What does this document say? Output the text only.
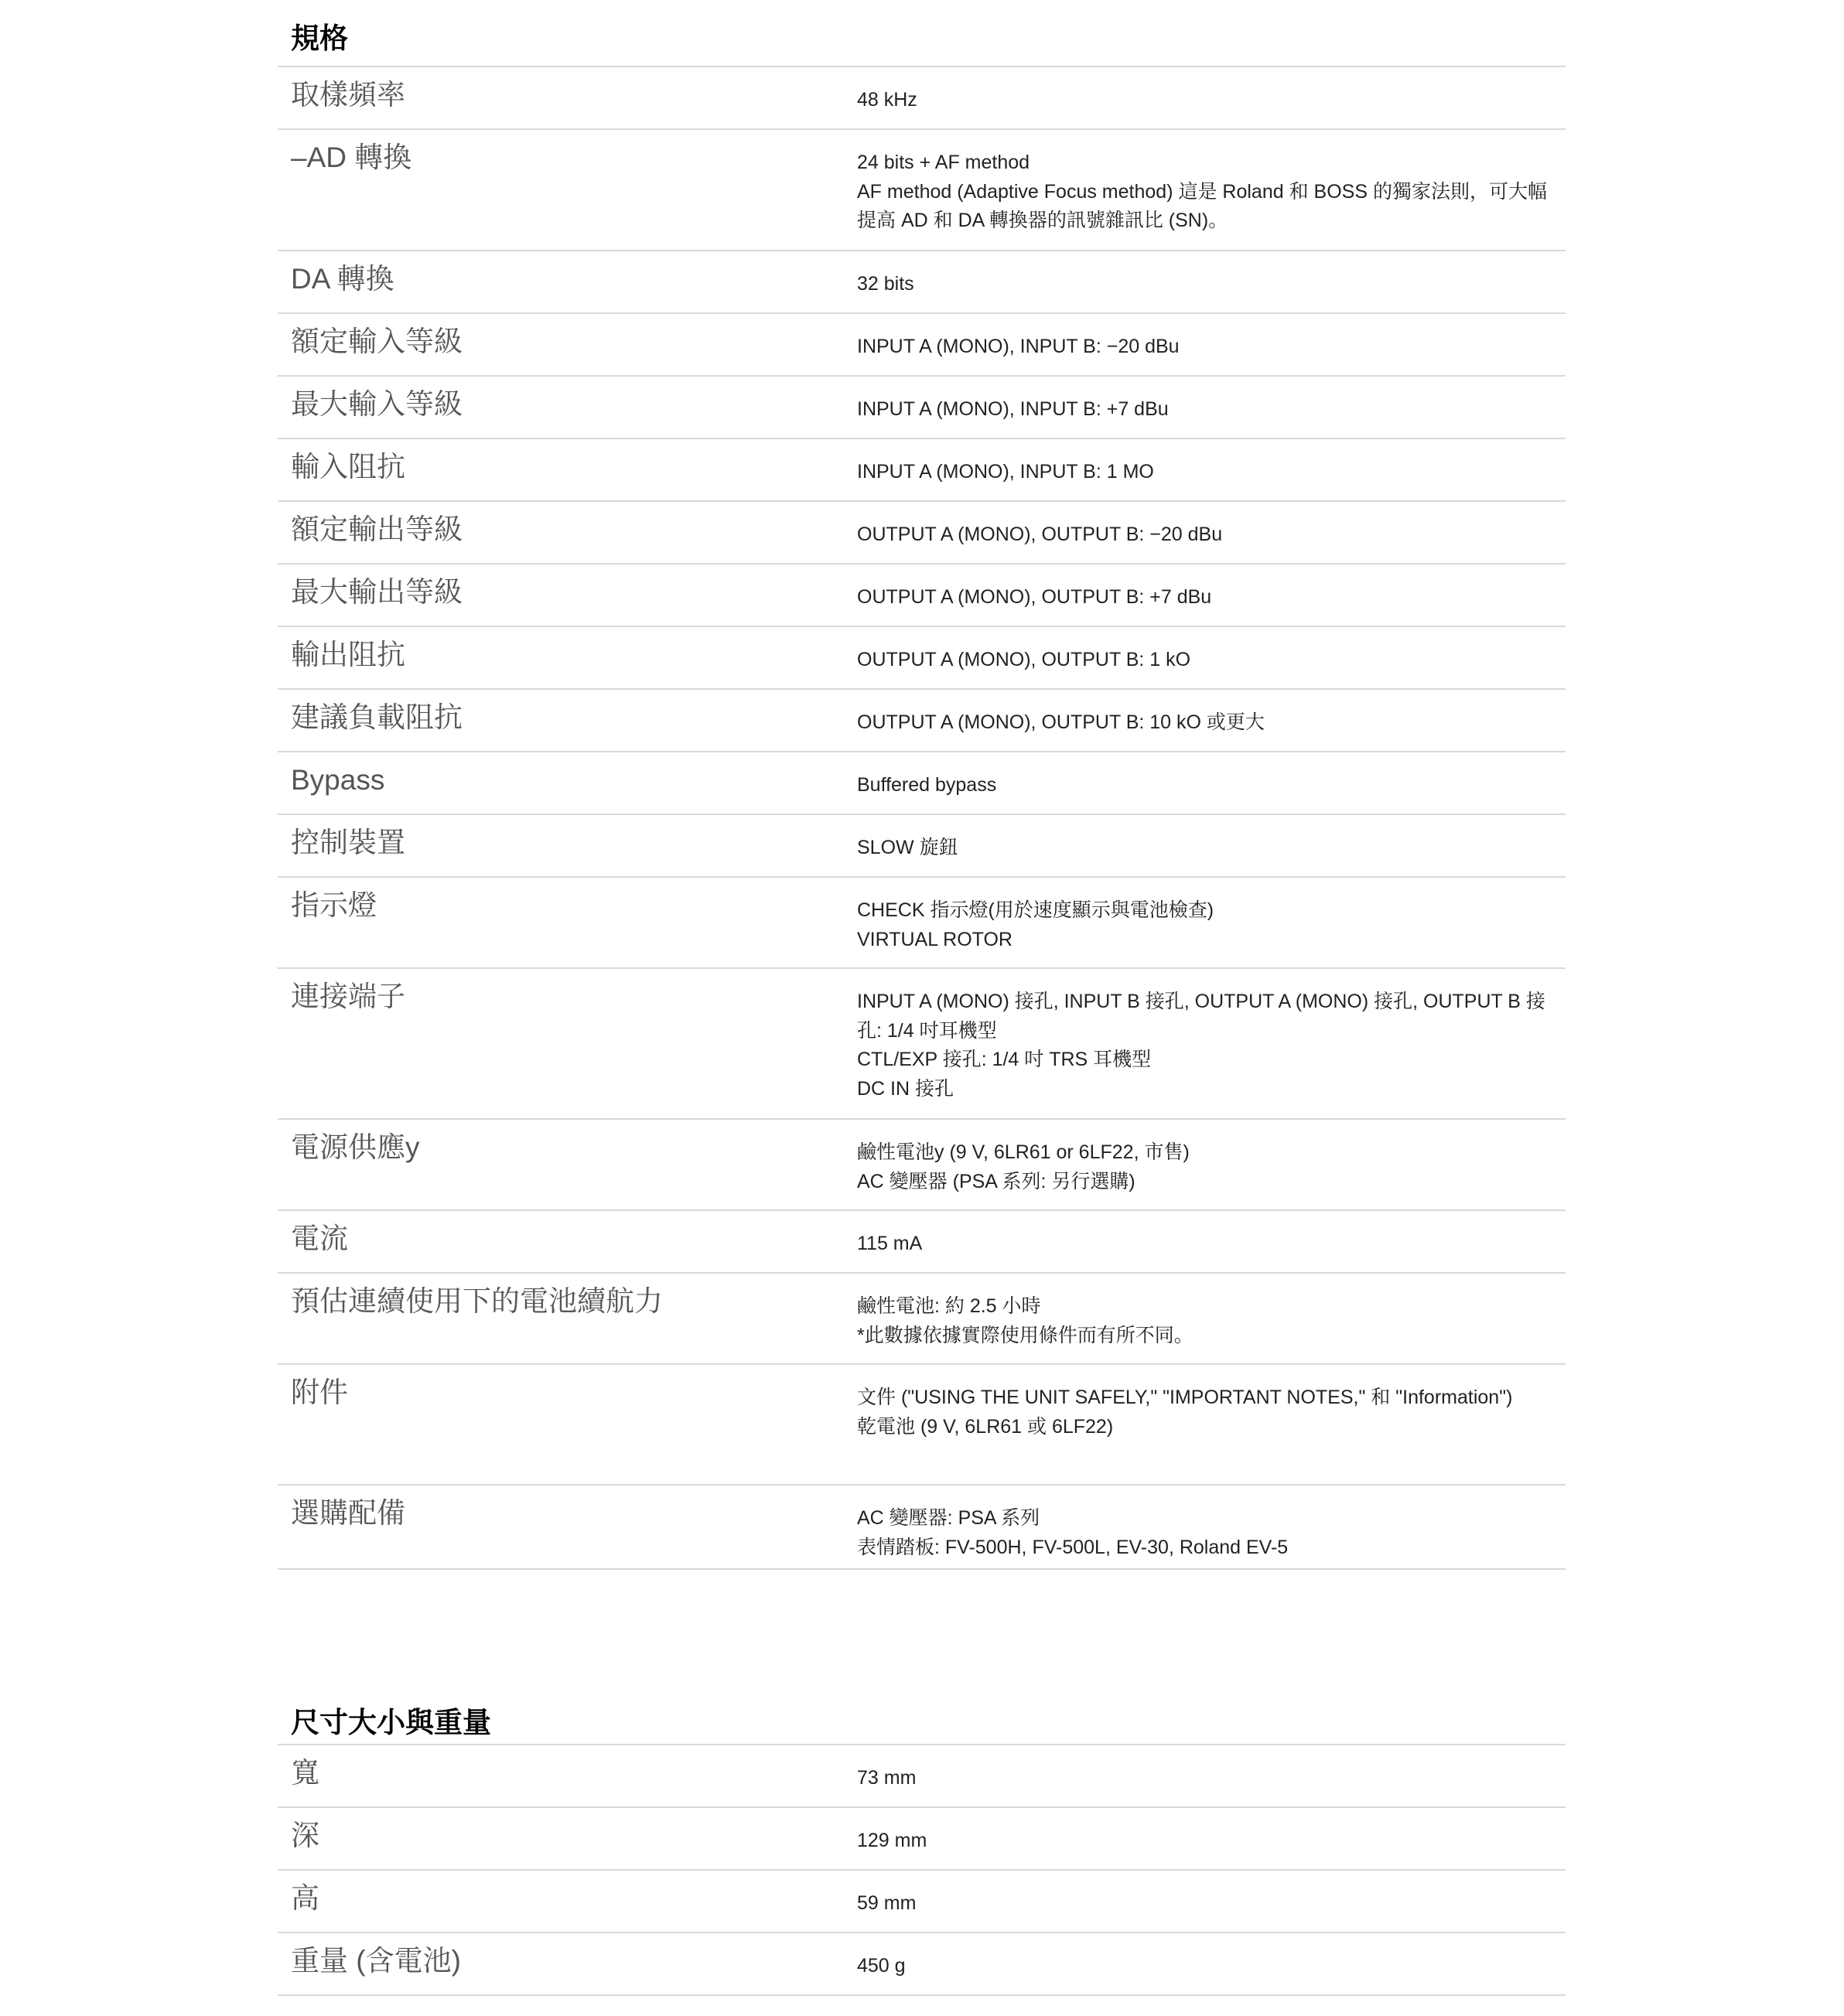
規格
取樣頻率	48 kHz
–AD 轉換	24 bits + AF method
AF method (Adaptive Focus method) 這是 Roland 和 BOSS 的獨家法則，可大幅提高 AD 和 DA 轉換器的訊號雜訊比 (SN)。
DA 轉換	32 bits
額定輸入等級	INPUT A (MONO), INPUT B: −20 dBu
最大輸入等級	INPUT A (MONO), INPUT B: +7 dBu
輸入阻抗	INPUT A (MONO), INPUT B: 1 MO
額定輸出等級	OUTPUT A (MONO), OUTPUT B: −20 dBu
最大輸出等級	OUTPUT A (MONO), OUTPUT B: +7 dBu
輸出阻抗	OUTPUT A (MONO), OUTPUT B: 1 kO
建議負載阻抗	OUTPUT A (MONO), OUTPUT B: 10 kO 或更大
Bypass	Buffered bypass
控制裝置	SLOW 旋鈕
指示燈	CHECK 指示燈(用於速度顯示與電池檢查)
VIRTUAL ROTOR
連接端子	INPUT A (MONO) 接孔, INPUT B 接孔, OUTPUT A (MONO) 接孔, OUTPUT B 接孔: 1/4 吋耳機型
CTL/EXP 接孔: 1/4 吋 TRS 耳機型
DC IN 接孔
電源供應y	鹼性電池y (9 V, 6LR61 or 6LF22, 市售)
AC 變壓器 (PSA 系列: 另行選購)
電流	115 mA
預估連續使用下的電池續航力	鹼性電池: 約 2.5 小時
*此數據依據實際使用條件而有所不同。
附件	文件 ("USING THE UNIT SAFELY," "IMPORTANT NOTES," 和 "Information")
乾電池 (9 V, 6LR61 或 6LF22)
選購配備	AC 變壓器: PSA 系列
表情踏板: FV-500H, FV-500L, EV-30, Roland EV-5
尺寸大小與重量
寬	73 mm
深	129 mm
高	59 mm
重量 (含電池)	450 g
